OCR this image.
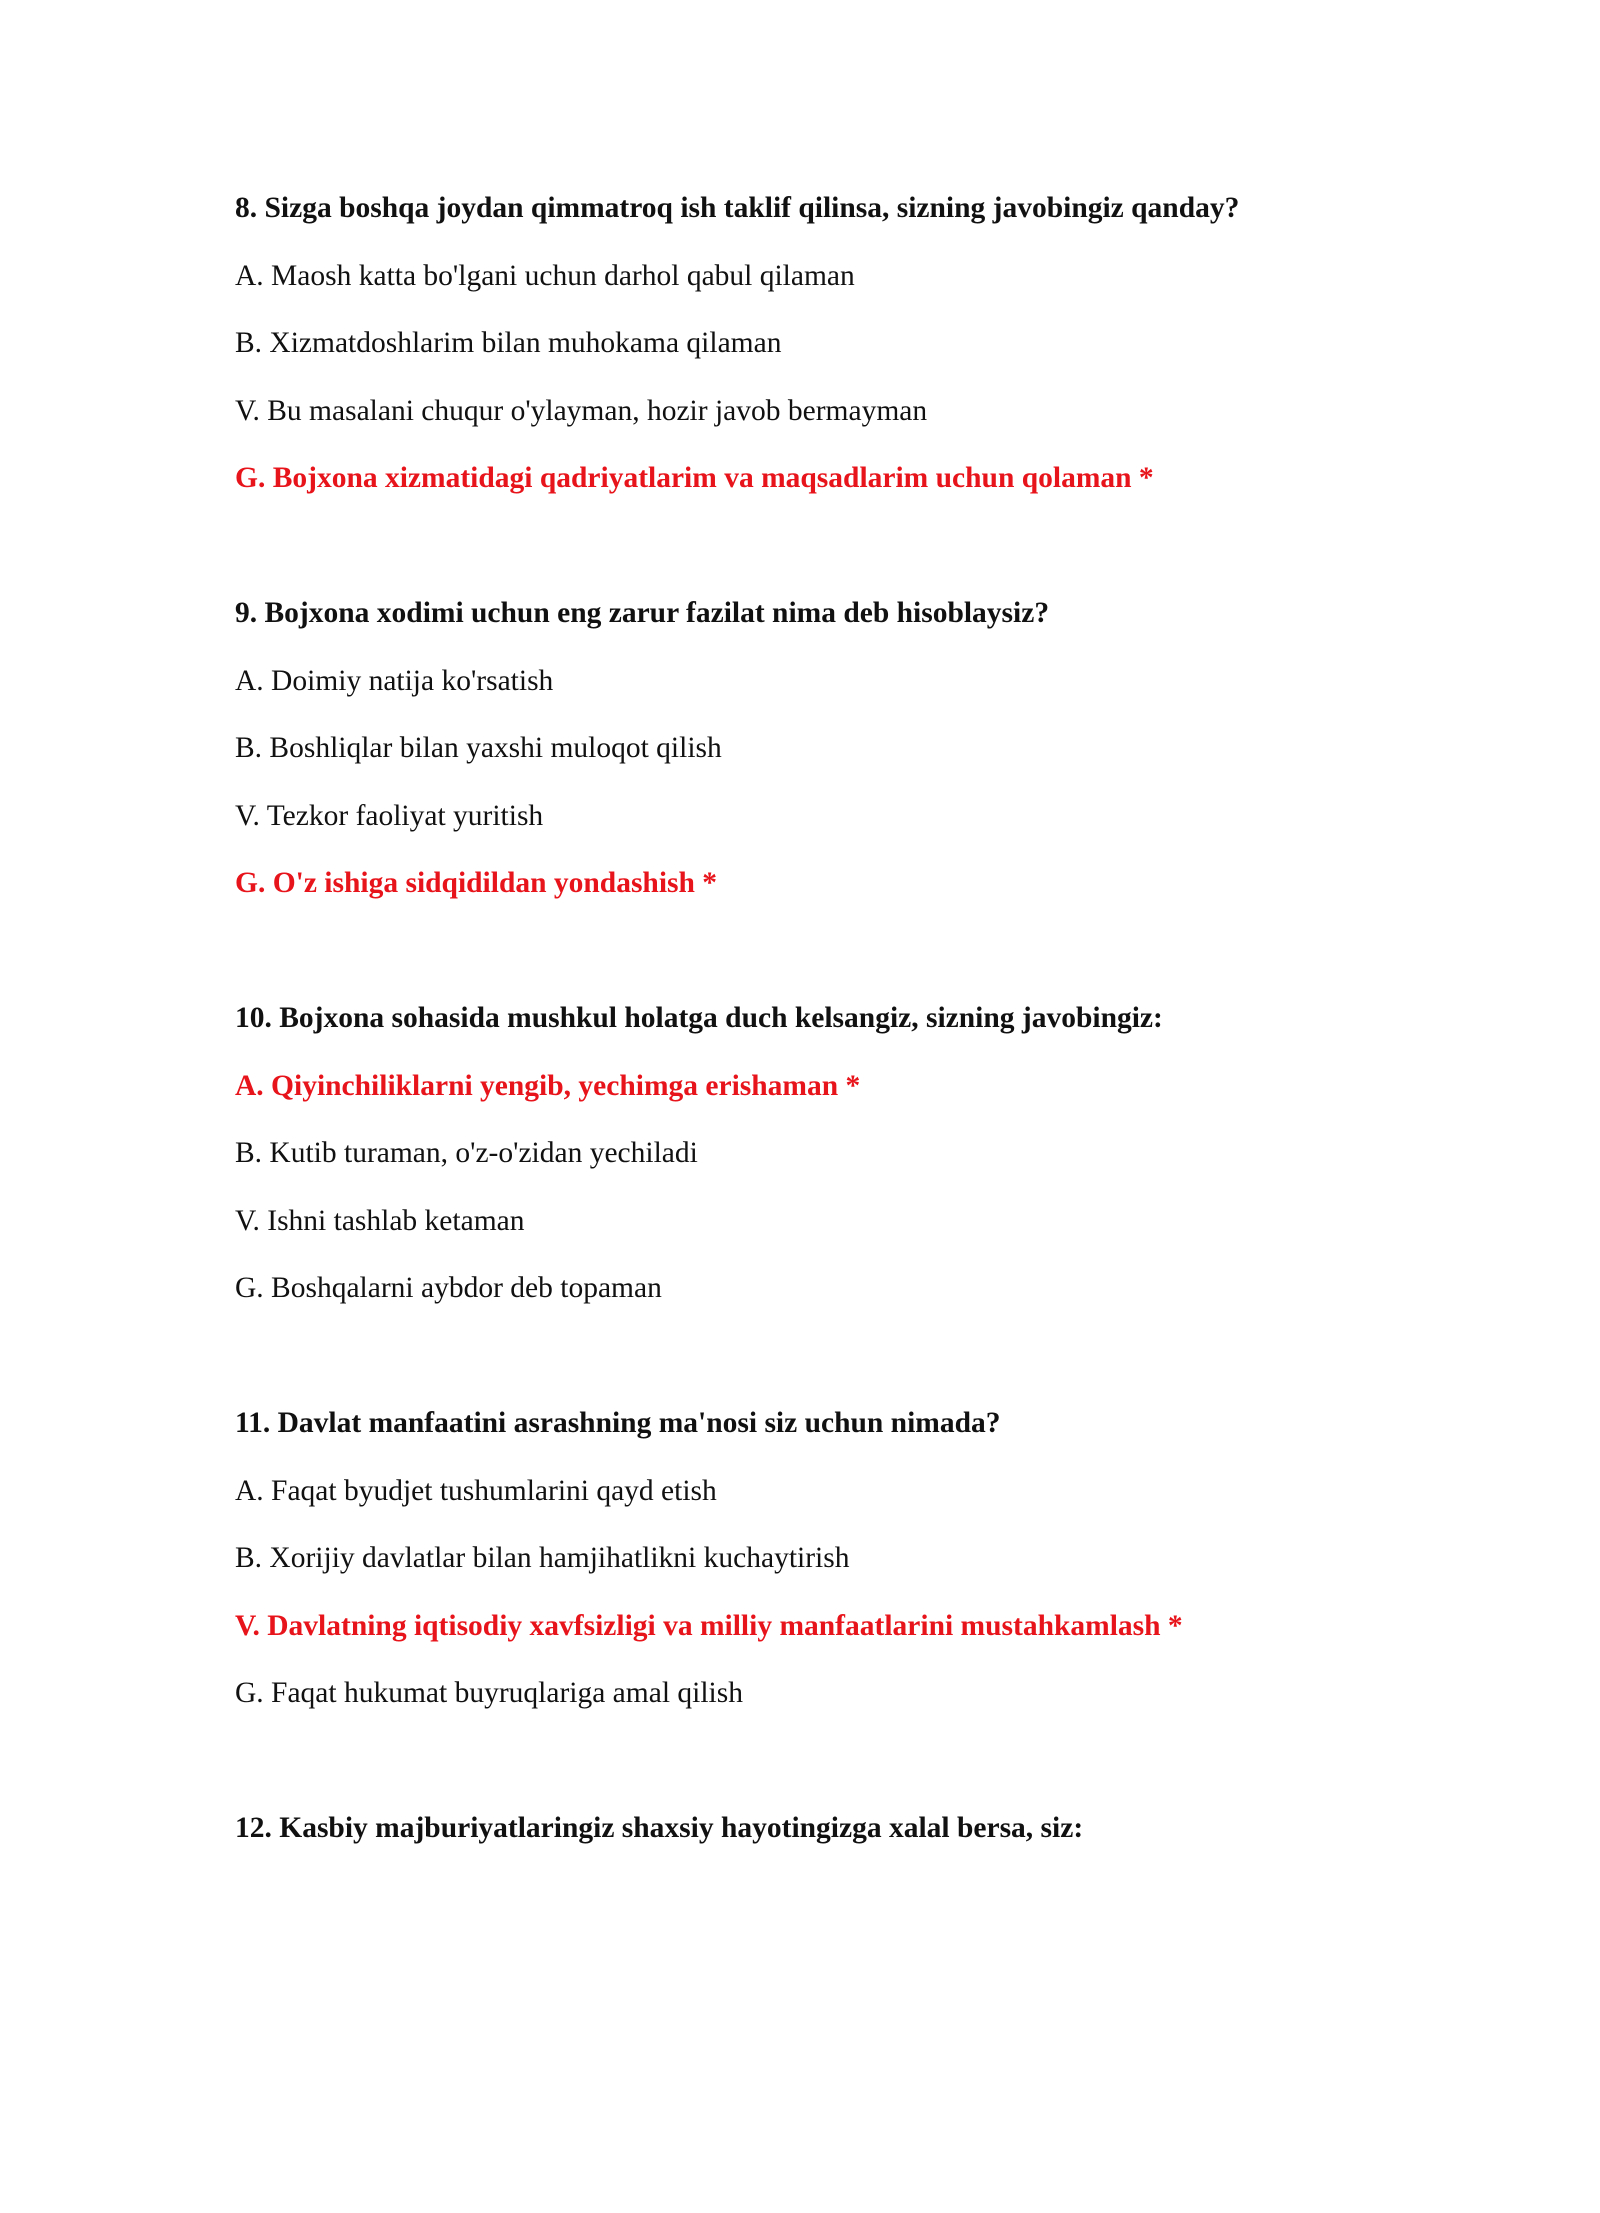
8. Sizga boshqa joydan qimmatroq ish taklif qilinsa, sizning javobingiz qanday?

A. Maosh katta bo'lgani uchun darhol qabul qilaman

B. Xizmatdoshlarim bilan muhokama qilaman

V. Bu masalani chuqur o'ylayman, hozir javob bermayman

G. Bojxona xizmatidagi qadriyatlarim va maqsadlarim uchun qolaman *

9. Bojxona xodimi uchun eng zarur fazilat nima deb hisoblaysiz?

A. Doimiy natija ko'rsatish

B. Boshliqlar bilan yaxshi muloqot qilish

V. Tezkor faoliyat yuritish

G. O'z ishiga sidqidildan yondashish *

10. Bojxona sohasida mushkul holatga duch kelsangiz, sizning javobingiz:

A. Qiyinchiliklarni yengib, yechimga erishaman *

B. Kutib turaman, o'z-o'zidan yechiladi

V. Ishni tashlab ketaman

G. Boshqalarni aybdor deb topaman

11. Davlat manfaatini asrashning ma'nosi siz uchun nimada?

A. Faqat byudjet tushumlarini qayd etish

B. Xorijiy davlatlar bilan hamjihatlikni kuchaytirish

V. Davlatning iqtisodiy xavfsizligi va milliy manfaatlarini mustahkamlash *

G. Faqat hukumat buyruqlariga amal qilish

12. Kasbiy majburiyatlaringiz shaxsiy hayotingizga xalal bersa, siz:
